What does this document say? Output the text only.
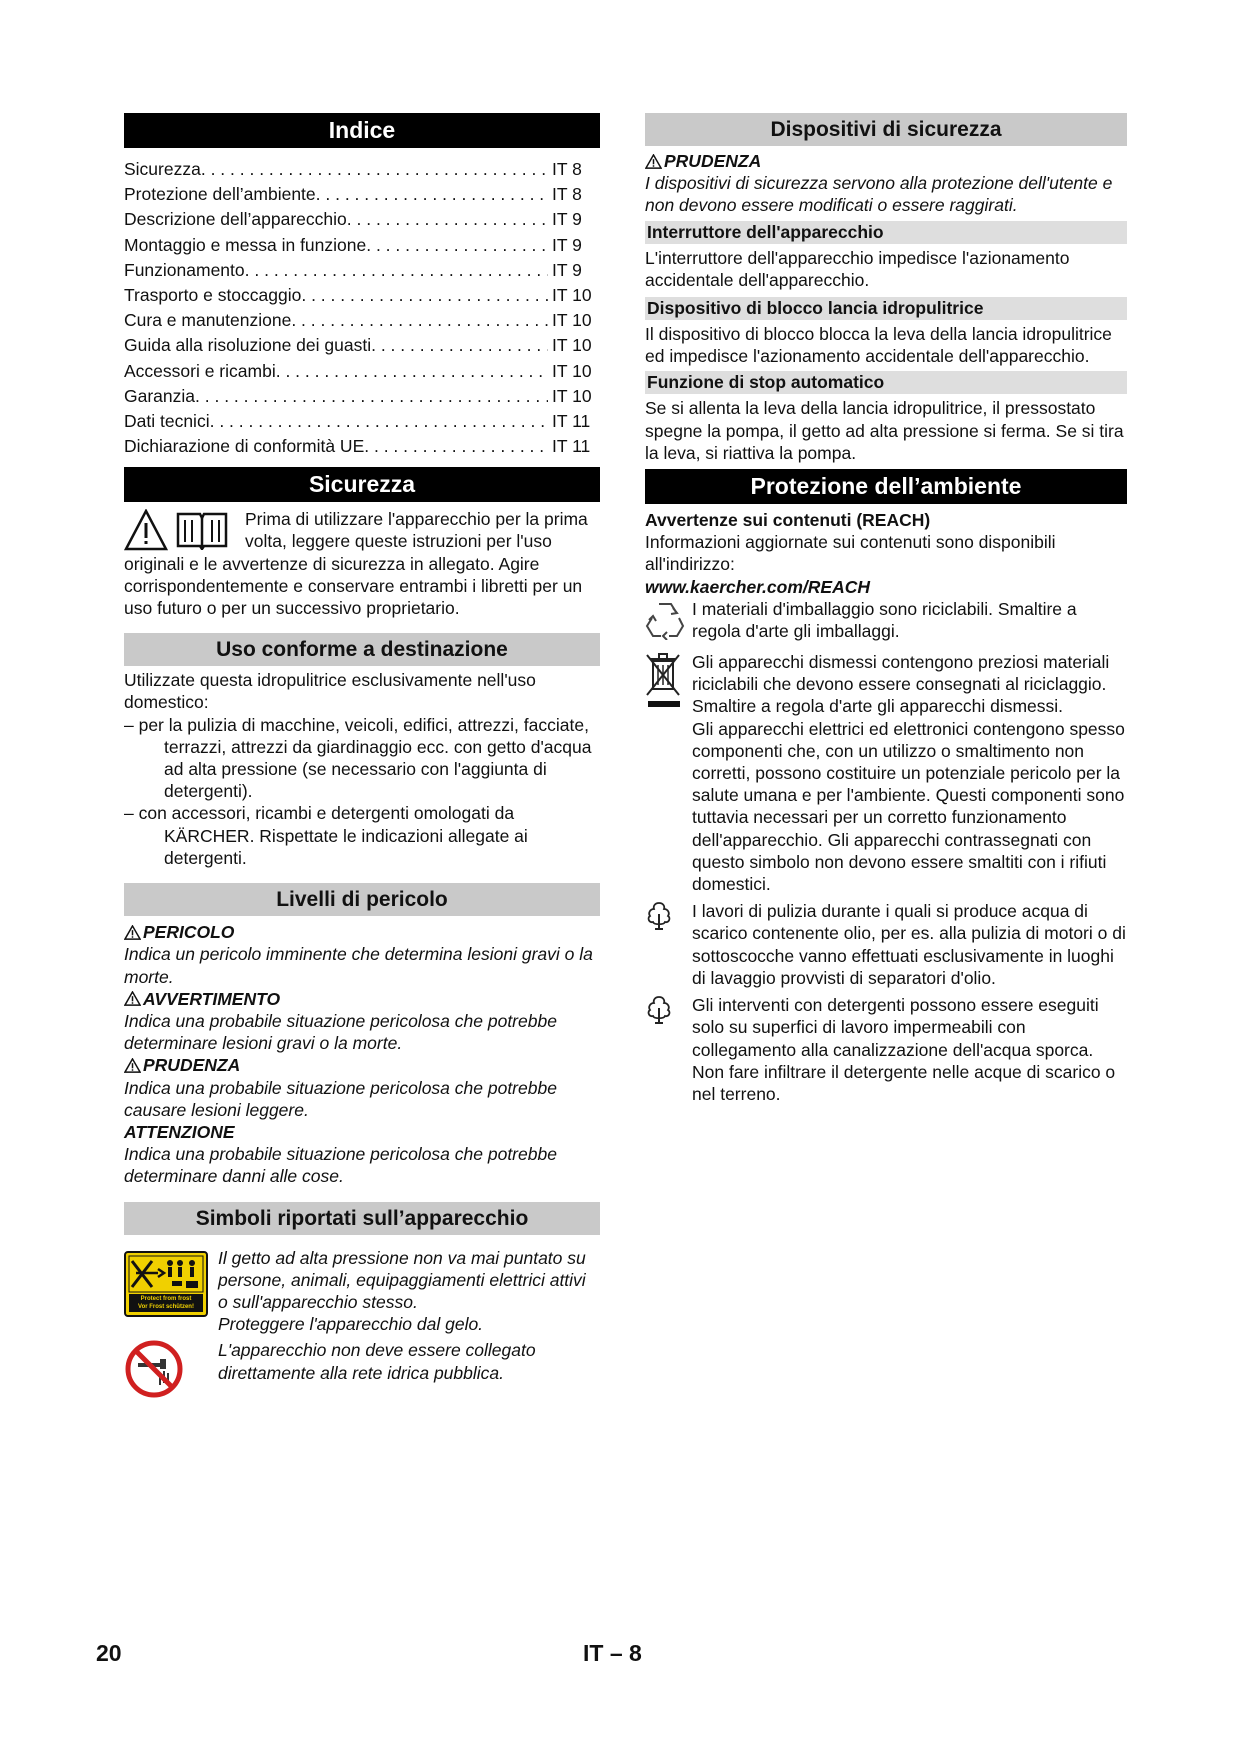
Indice
Sicurezza . . .	IT 8
Protezione dell’ambiente . . .	IT 8
Descrizione dell’apparecchio . . .	IT 9
Montaggio e messa in funzione . . .	IT 9
Funzionamento . . .	IT 9
Trasporto e stoccaggio . . .	IT 10
Cura e manutenzione . . .	IT 10
Guida alla risoluzione dei guasti . . .	IT 10
Accessori e ricambi . . .	IT 10
Garanzia . . .	IT 10
Dati tecnici . . .	IT 11
Dichiarazione di conformità UE . . .	IT 11
Sicurezza

Prima di utilizzare l'apparecchio per la prima volta, leggere queste istruzioni per l'uso originali e le avvertenze di sicurezza in allegato. Agire corrispondentemente e conservare entrambi i libretti per un uso futuro o per un successivo proprietario.

Uso conforme a destinazione

Utilizzate questa idropulitrice esclusivamente nell'uso domestico:

– per la pulizia di macchine, veicoli, edifici, attrezzi, facciate, terrazzi, attrezzi da giardinaggio ecc. con getto d'acqua ad alta pressione (se necessario con l'aggiunta di detergenti).

– con accessori, ricambi e detergenti omologati da KÄRCHER. Rispettate le indicazioni allegate ai detergenti.

Livelli di pericolo
PERICOLO

Indica un pericolo imminente che determina lesioni gravi o la morte.

AVVERTIMENTO

Indica una probabile situazione pericolosa che potrebbe determinare lesioni gravi o la morte.

PRUDENZA

Indica una probabile situazione pericolosa che potrebbe causare lesioni leggere.

ATTENZIONE

Indica una probabile situazione pericolosa che potrebbe determinare danni alle cose.

Simboli riportati sull’apparecchio
Protect from frost
Vor Frost schützen!

Il getto ad alta pressione non va mai puntato su persone, animali, equipaggiamenti elettrici attivi o sull'apparecchio stesso.

Proteggere l'apparecchio dal gelo.

L'apparecchio non deve essere collegato direttamente alla rete idrica pubblica.

Dispositivi di sicurezza
PRUDENZA

I dispositivi di sicurezza servono alla protezione dell'utente e non devono essere modificati o essere raggirati.

Interruttore dell'apparecchio

L'interruttore dell'apparecchio impedisce l'azionamento accidentale dell'apparecchio.

Dispositivo di blocco lancia idropulitrice

Il dispositivo di blocco blocca la leva della lancia idropulitrice ed impedisce l'azionamento accidentale dell'apparecchio.

Funzione di stop automatico

Se si allenta la leva della lancia idropulitrice, il pressostato spegne la pompa, il getto ad alta pressione si ferma. Se si tira la leva, si riattiva la pompa.

Protezione dell’ambiente

Avvertenze sui contenuti (REACH)

Informazioni aggiornate sui contenuti sono disponibili all'indirizzo:

www.kaercher.com/REACH

I materiali d'imballaggio sono riciclabili. Smaltire a regola d'arte gli imballaggi.

Gli apparecchi dismessi contengono preziosi materiali riciclabili che devono essere consegnati al riciclaggio. Smaltire a regola d'arte gli apparecchi dismessi.

Gli apparecchi elettrici ed elettronici contengono spesso componenti che, con un utilizzo o smaltimento non corretti, possono costituire un potenziale pericolo per la salute umana e per l'ambiente. Questi componenti sono tuttavia necessari per un corretto funzionamento dell'apparecchio. Gli apparecchi contrassegnati con questo simbolo non devono essere smaltiti con i rifiuti domestici.

I lavori di pulizia durante i quali si produce acqua di scarico contenente olio, per es. alla pulizia di motori o di sottoscocche vanno effettuati esclusivamente in luoghi di lavaggio provvisti di separatori d'olio.

Gli interventi con detergenti possono essere eseguiti solo su superfici di lavoro impermeabili con collegamento alla canalizzazione dell'acqua sporca. Non fare infiltrare il detergente nelle acque di scarico o nel terreno.

20	IT – 8
